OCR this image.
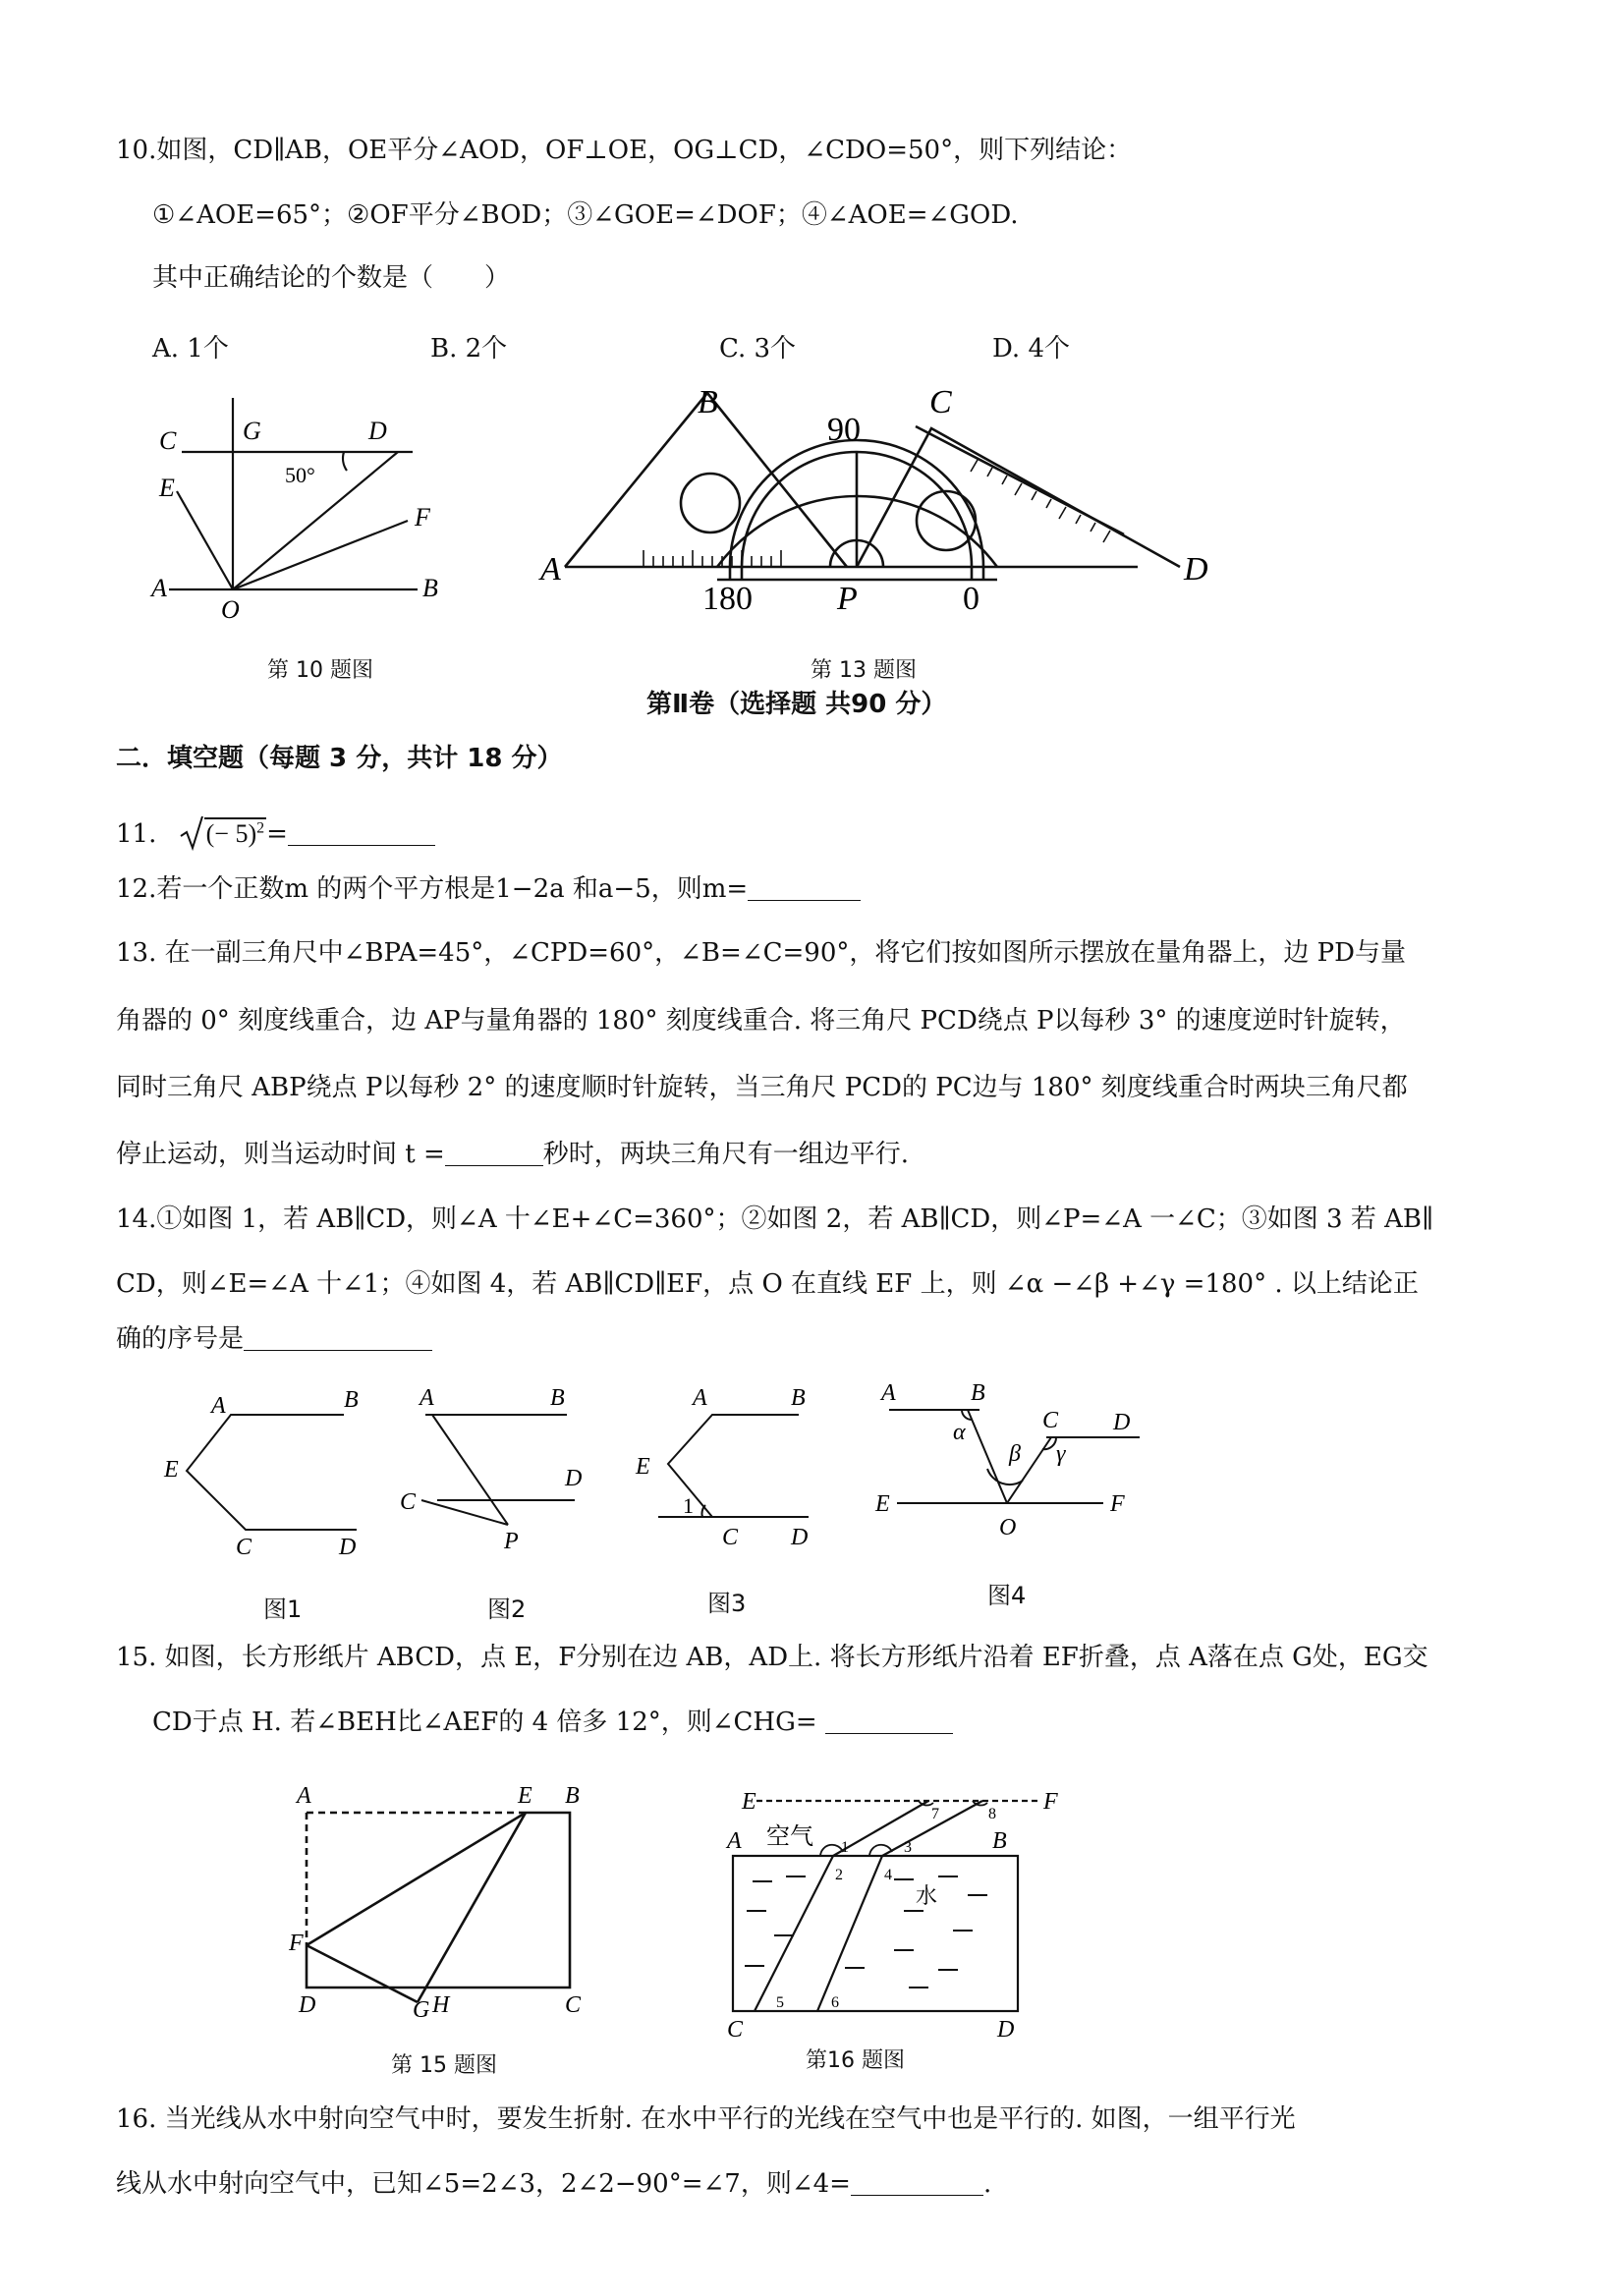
10.如图，CD∥AB，OE平分∠AOD，OF⊥OE，OG⊥CD，∠CDO=50°，则下列结论：
①∠AOE=65°；②OF平分∠BOD；③∠GOE=∠DOF；④∠AOE=∠GOD.
其中正确结论的个数是（　　）
A. 1个	B. 2个	C. 3个	D. 4个
C	G	D
E
F
A
O
B
50°
第 10 题图
A
B	C
D
P
90
180	0
第 13 题图
第Ⅱ卷（选择题 共90 分）
二．填空题（每题 3 分，共计 18 分）
11. (− 5)$^2$=
12.若一个正数m 的两个平方根是1−2a 和a−5，则m=
13. 在一副三角尺中∠BPA=45°，∠CPD=60°，∠B=∠C=90°，将它们按如图所示摆放在量角器上，边 PD与量
角器的 0° 刻度线重合，边 AP与量角器的 180° 刻度线重合. 将三角尺 PCD绕点 P以每秒 3° 的速度逆时针旋转，
同时三角尺 ABP绕点 P以每秒 2° 的速度顺时针旋转，当三角尺 PCD的 PC边与 180° 刻度线重合时两块三角尺都
停止运动，则当运动时间 t =	秒时，两块三角尺有一组边平行.
14.①如图 1，若 AB∥CD，则∠A 十∠E+∠C=360°；②如图 2，若 AB∥CD，则∠P=∠A 一∠C；③如图 3 若 AB∥
CD，则∠E=∠A 十∠1；④如图 4，若 AB∥CD∥EF，点 O 在直线 EF 上，则 ∠α −∠β +∠γ =180° . 以上结论正
确的序号是
A	B
E
C	D
图1
A	B
C
D
P
图2
A	B
E
1
C D
图3
A	B
C D
E	F
O
α
β γ
图4
15. 如图，长方形纸片 ABCD，点 E，F分别在边 AB，AD上. 将长方形纸片沿着 EF折叠，点 A落在点 G处，EG交
CD于点 H. 若∠BEH比∠AEF的 4 倍多 12°，则∠CHG=
A	E B
F
D	G H	C
第 15 题图
E	F
空气
水
A	B
C	D
1
2
3
4
5	6
7	8
第16 题图
16. 当光线从水中射向空气中时，要发生折射. 在水中平行的光线在空气中也是平行的. 如图，一组平行光
线从水中射向空气中，已知∠5=2∠3，2∠2−90°=∠7，则∠4=	.
